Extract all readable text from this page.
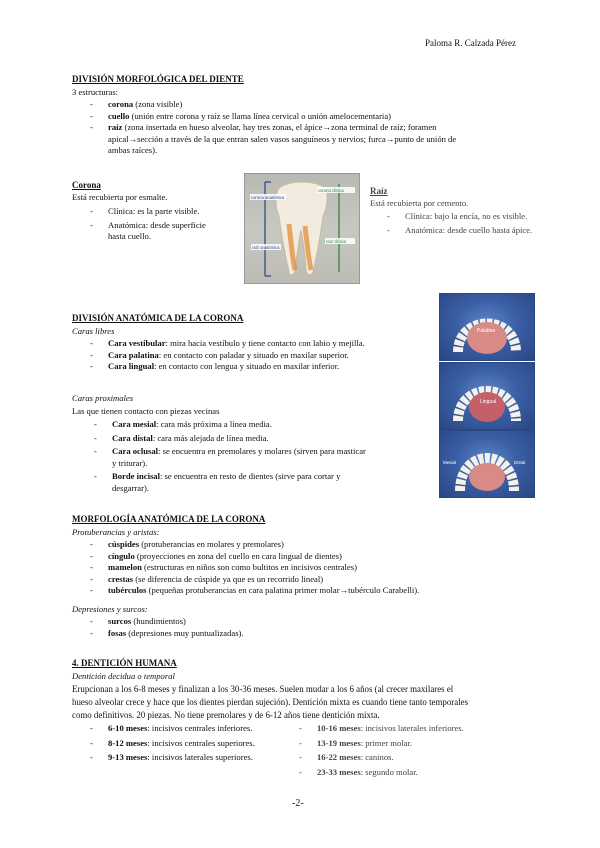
Paloma R. Calzada Pérez
DIVISIÓN MORFOLÓGICA DEL DIENTE
3 estructuras:
- corona (zona visible)
- cuello (unión entre corona y raíz se llama línea cervical o unión amelocementaria)
- raíz (zona insertada en hueso alveolar, hay tres zonas, el ápice→zona terminal de raíz; foramen
apical→sección a través de la que entran salen vasos sanguíneos y nervios; furca→punto de unión de
ambas raíces).
Corona
Está recubierta por esmalte.
- Clínica: es la parte visible.
- Anatómica: desde superficie
hasta cuello.
corona anatómica
corona clínica
raíz anatómica
raíz clínica
Raíz
Está recubierta por cemento.
- Clínica: bajo la encía, no es visible.
- Anatómica: desde cuello hasta ápice.
Palatina
Lingual
Mesial	Distal
DIVISIÓN ANATÓMICA DE LA CORONA
Caras libres
- Cara vestibular: mira hacia vestíbulo y tiene contacto con labio y mejilla.
- Cara palatina: en contacto con paladar y situado en maxilar superior.
- Cara lingual: en contacto con lengua y situado en maxilar inferior.
Caras proximales
Las que tienen contacto con piezas vecinas
- Cara mesial: cara más próxima a línea media.
- Cara distal: cara más alejada de línea media.
- Cara oclusal: se encuentra en premolares y molares (sirven para masticar
y triturar).
- Borde incisal: se encuentra en resto de dientes (sirve para cortar y
desgarrar).
MORFOLOGÍA ANATÓMICA DE LA CORONA
Protuberancias y aristas:
- cúspides (protuberancias en molares y premolares)
- cíngulo (proyecciones en zona del cuello en cara lingual de dientes)
- mamelon (estructuras en niños son como bultitos en incisivos centrales)
- crestas (se diferencia de cúspide ya que es un recorrido lineal)
- tubérculos (pequeñas protuberancias en cara palatina primer molar→tubérculo Carabelli).
Depresiones y surcos:
- surcos (hundimientos)
- fosas (depresiones muy puntualizadas).
4. DENTICIÓN HUMANA
Dentición decidua o temporal
Erupcionan a los 6-8 meses y finalizan a los 30-36 meses. Suelen mudar a los 6 años (al crecer maxilares el
hueso alveolar crece y hace que los dientes pierdan sujeción). Dentición mixta es cuando tiene tanto temporales
como definitivos. 20 piezas. No tiene premolares y de 6-12 años tiene dentición mixta.
- 6-10 meses: incisivos centrales inferiores.
- 8-12 meses: incisivos centrales superiores.
- 9-13 meses: incisivos laterales superiores.
- 10-16 meses: incisivos laterales inferiores.
- 13-19 meses: primer molar.
- 16-22 meses: caninos.
- 23-33 meses: segundo molar.
-2-
